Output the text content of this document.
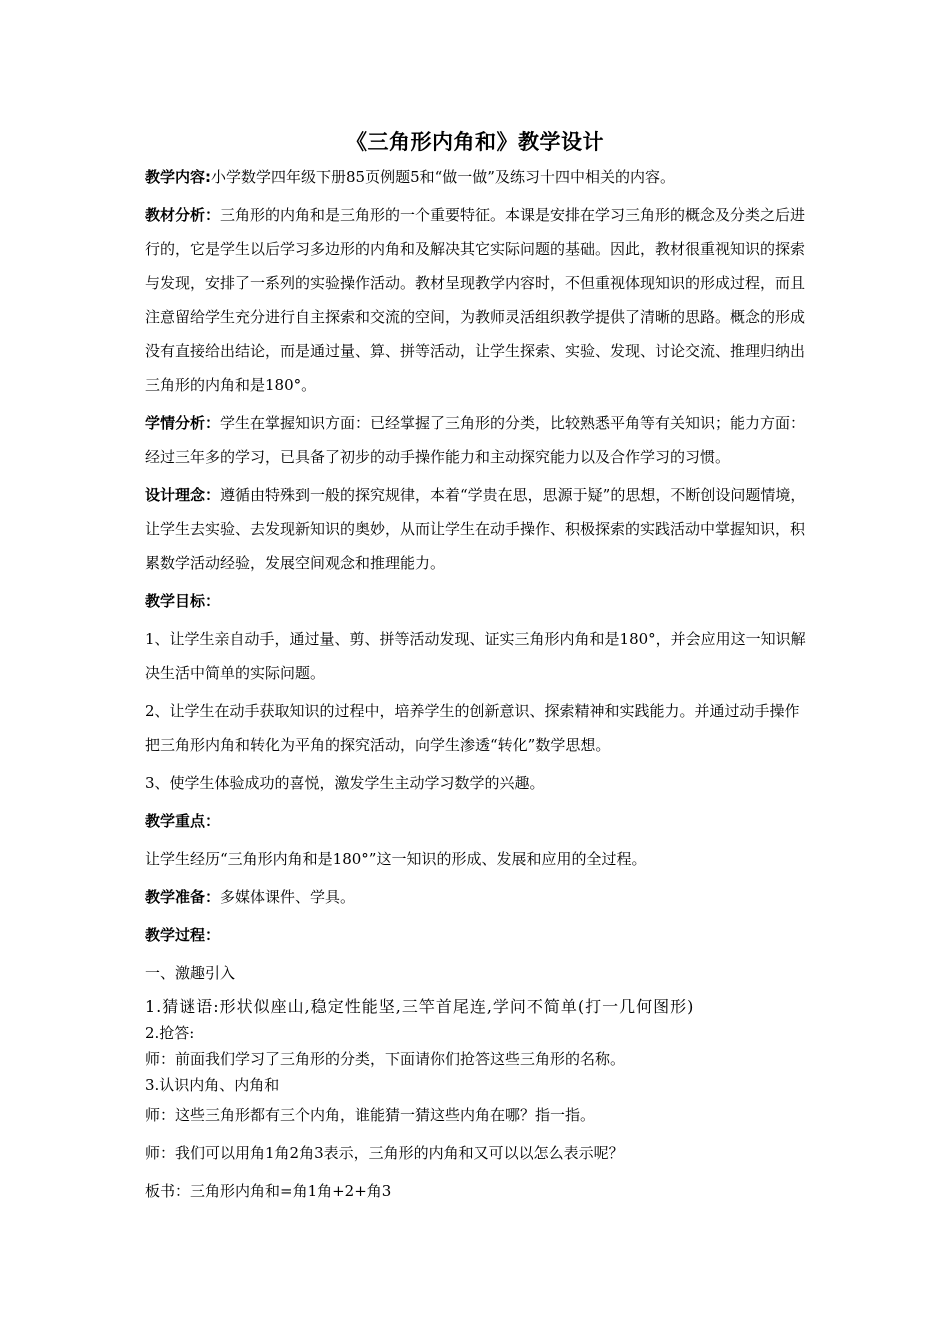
《三角形内角和》教学设计

教学内容:小学数学四年级下册85页例题5和“做一做”及练习十四中相关的内容。

教材分析：三角形的内角和是三角形的一个重要特征。本课是安排在学习三角形的概念及分类之后进行的，它是学生以后学习多边形的内角和及解决其它实际问题的基础。因此，教材很重视知识的探索与发现，安排了一系列的实验操作活动。教材呈现教学内容时，不但重视体现知识的形成过程，而且注意留给学生充分进行自主探索和交流的空间，为教师灵活组织教学提供了清晰的思路。概念的形成没有直接给出结论，而是通过量、算、拼等活动，让学生探索、实验、发现、讨论交流、推理归纳出三角形的内角和是180°。

学情分析：学生在掌握知识方面：已经掌握了三角形的分类，比较熟悉平角等有关知识；能力方面：经过三年多的学习，已具备了初步的动手操作能力和主动探究能力以及合作学习的习惯。

设计理念：遵循由特殊到一般的探究规律，本着“学贵在思，思源于疑”的思想，不断创设问题情境，让学生去实验、去发现新知识的奥妙，从而让学生在动手操作、积极探索的实践活动中掌握知识，积累数学活动经验，发展空间观念和推理能力。

教学目标：

1、让学生亲自动手，通过量、剪、拼等活动发现、证实三角形内角和是180°，并会应用这一知识解决生活中简单的实际问题。

2、让学生在动手获取知识的过程中，培养学生的创新意识、探索精神和实践能力。并通过动手操作把三角形内角和转化为平角的探究活动，向学生渗透“转化”数学思想。

3、使学生体验成功的喜悦，激发学生主动学习数学的兴趣。

教学重点：

让学生经历“三角形内角和是180°”这一知识的形成、发展和应用的全过程。

教学准备：多媒体课件、学具。

教学过程：

一、激趣引入

1.猜谜语:形状似座山,稳定性能坚,三竿首尾连,学问不简单(打一几何图形)

2.抢答:

师：前面我们学习了三角形的分类，下面请你们抢答这些三角形的名称。

3.认识内角、内角和

师：这些三角形都有三个内角，谁能猜一猜这些内角在哪？指一指。

师：我们可以用角1角2角3表示，三角形的内角和又可以以怎么表示呢？

板书：三角形内角和=角1角+2+角3
